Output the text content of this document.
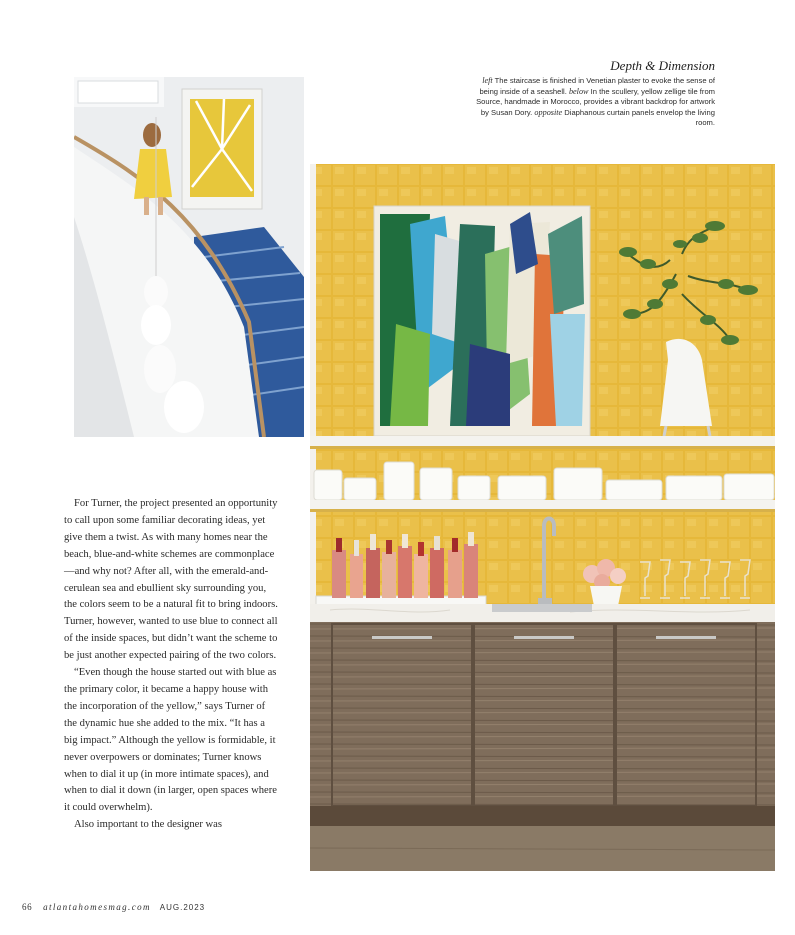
Depth & Dimension

left The staircase is finished in Venetian plaster to evoke the sense of being inside of a seashell. below In the scullery, yellow zellige tile from Source, handmade in Morocco, provides a vibrant backdrop for artwork by Susan Dory. opposite Diaphanous curtain panels envelop the living room.

For Turner, the project presented an opportunity to call upon some familiar decorating ideas, yet give them a twist. As with many homes near the beach, blue-and-white schemes are commonplace—and why not? After all, with the emerald-and-cerulean sea and ebullient sky surrounding you, the colors seem to be a natural fit to bring indoors. Turner, however, wanted to use blue to connect all of the inside spaces, but didn’t want the scheme to be just another expected pairing of the two colors.

“Even though the house started out with blue as the primary color, it became a happy house with the incorporation of the yellow,” says Turner of the dynamic hue she added to the mix. “It has a big impact.” Although the yellow is formidable, it never overpowers or dominates; Turner knows when to dial it up (in more intimate spaces), and when to dial it down (in larger, open spaces where it could overwhelm).

Also important to the designer was

66 atlantahomesmag.com AUG.2023
